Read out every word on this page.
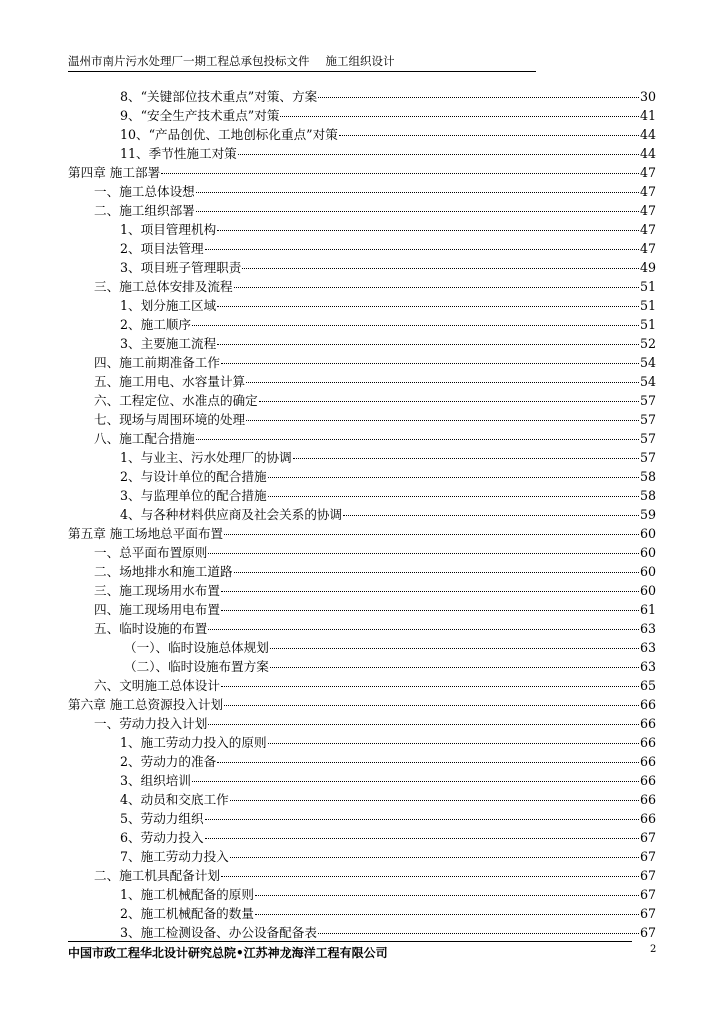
温州市南片污水处理厂一期工程总承包投标文件 施工组织设计
8、“关键部位技术重点”对策、方案	30
9、“安全生产技术重点”对策	41
10、“产品创优、工地创标化重点”对策	44
11、季节性施工对策	44
第四章 施工部署	47
一、施工总体设想	47
二、施工组织部署	47
1、项目管理机构	47
2、项目法管理	47
3、项目班子管理职责	49
三、施工总体安排及流程	51
1、划分施工区域	51
2、施工顺序	51
3、主要施工流程	52
四、施工前期准备工作	54
五、施工用电、水容量计算	54
六、工程定位、水准点的确定	57
七、现场与周围环境的处理	57
八、施工配合措施	57
1、与业主、污水处理厂的协调	57
2、与设计单位的配合措施	58
3、与监理单位的配合措施	58
4、与各种材料供应商及社会关系的协调	59
第五章 施工场地总平面布置	60
一、总平面布置原则	60
二、场地排水和施工道路	60
三、施工现场用水布置	60
四、施工现场用电布置	61
五、临时设施的布置	63
（一）、临时设施总体规划	63
（二）、临时设施布置方案	63
六、文明施工总体设计	65
第六章 施工总资源投入计划	66
一、劳动力投入计划	66
1、施工劳动力投入的原则	66
2、劳动力的准备	66
3、组织培训	66
4、动员和交底工作	66
5、劳动力组织	66
6、劳动力投入	67
7、施工劳动力投入	67
二、施工机具配备计划	67
1、施工机械配备的原则	67
2、施工机械配备的数量	67
3、施工检测设备、办公设备配备表	67
中国市政工程华北设计研究总院•江苏神龙海洋工程有限公司	2
